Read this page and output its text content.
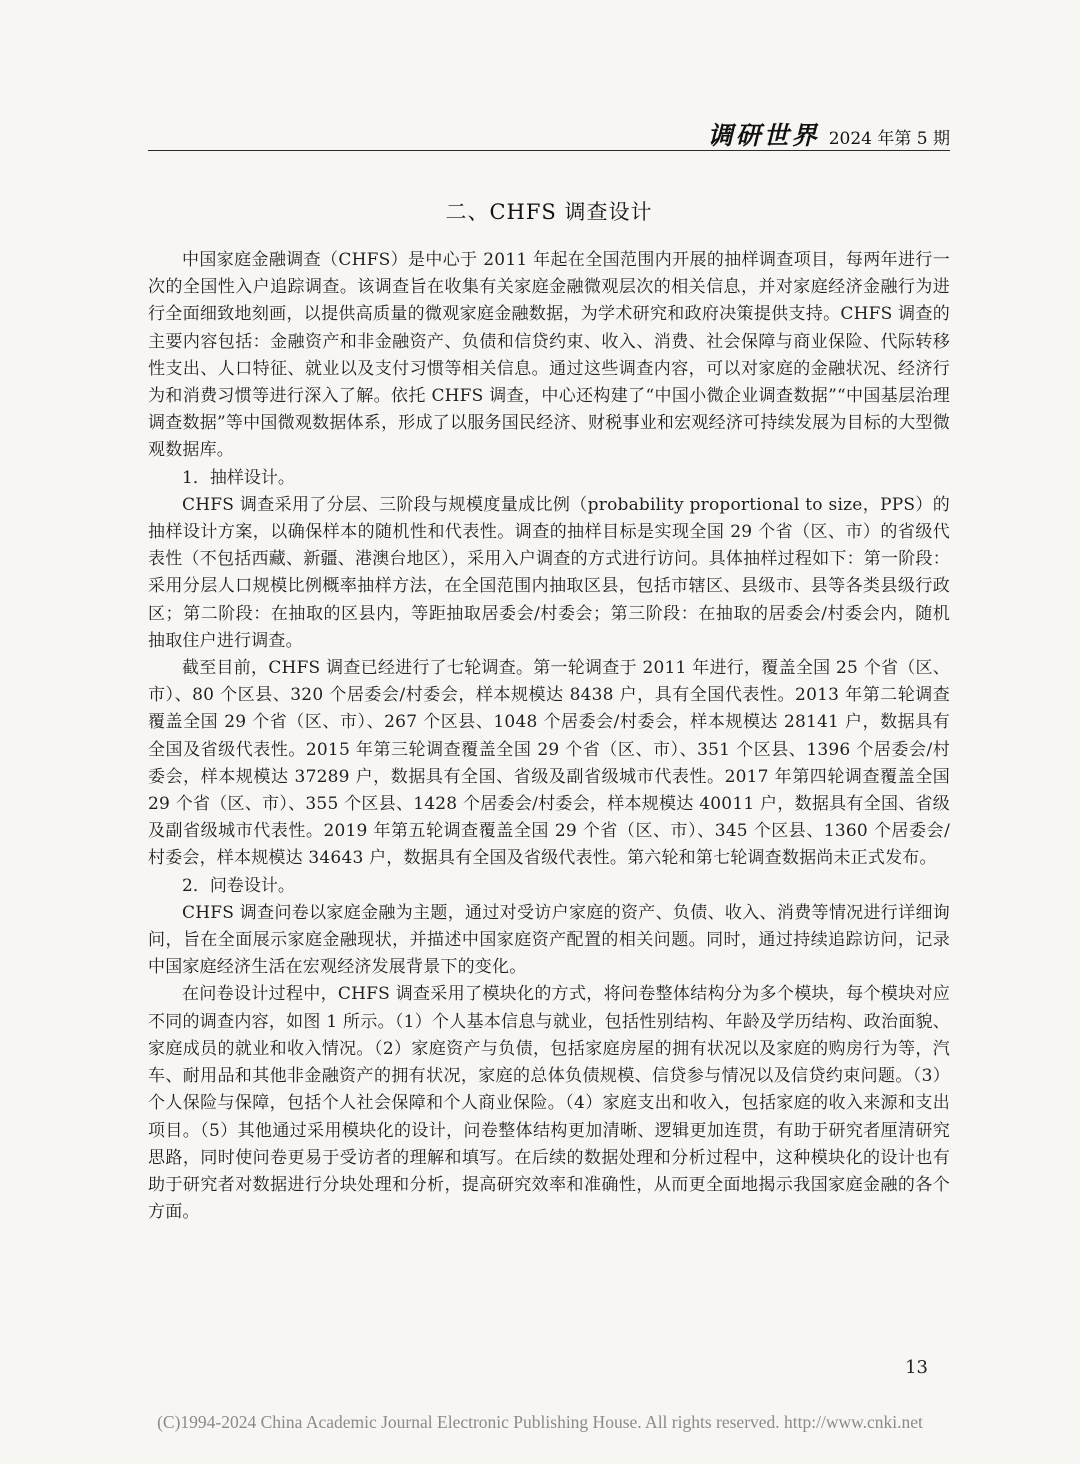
调研世界 2024 年第 5 期
二、CHFS 调查设计

中国家庭金融调查（CHFS）是中心于 2011 年起在全国范围内开展的抽样调查项目，每两年进行一次的全国性入户追踪调查。该调查旨在收集有关家庭金融微观层次的相关信息，并对家庭经济金融行为进行全面细致地刻画，以提供高质量的微观家庭金融数据，为学术研究和政府决策提供支持。CHFS 调查的主要内容包括：金融资产和非金融资产、负债和信贷约束、收入、消费、社会保障与商业保险、代际转移性支出、人口特征、就业以及支付习惯等相关信息。通过这些调查内容，可以对家庭的金融状况、经济行为和消费习惯等进行深入了解。依托 CHFS 调查，中心还构建了“中国小微企业调查数据”“中国基层治理调查数据”等中国微观数据体系，形成了以服务国民经济、财税事业和宏观经济可持续发展为目标的大型微观数据库。

1．抽样设计。

CHFS 调查采用了分层、三阶段与规模度量成比例（probability proportional to size，PPS）的抽样设计方案，以确保样本的随机性和代表性。调查的抽样目标是实现全国 29 个省（区、市）的省级代表性（不包括西藏、新疆、港澳台地区），采用入户调查的方式进行访问。具体抽样过程如下：第一阶段：采用分层人口规模比例概率抽样方法，在全国范围内抽取区县，包括市辖区、县级市、县等各类县级行政区；第二阶段：在抽取的区县内，等距抽取居委会/村委会；第三阶段：在抽取的居委会/村委会内，随机抽取住户进行调查。

截至目前，CHFS 调查已经进行了七轮调查。第一轮调查于 2011 年进行，覆盖全国 25 个省（区、市）、80 个区县、320 个居委会/村委会，样本规模达 8438 户，具有全国代表性。2013 年第二轮调查覆盖全国 29 个省（区、市）、267 个区县、1048 个居委会/村委会，样本规模达 28141 户，数据具有全国及省级代表性。2015 年第三轮调查覆盖全国 29 个省（区、市）、351 个区县、1396 个居委会/村委会，样本规模达 37289 户，数据具有全国、省级及副省级城市代表性。2017 年第四轮调查覆盖全国 29 个省（区、市）、355 个区县、1428 个居委会/村委会，样本规模达 40011 户，数据具有全国、省级及副省级城市代表性。2019 年第五轮调查覆盖全国 29 个省（区、市）、345 个区县、1360 个居委会/村委会，样本规模达 34643 户，数据具有全国及省级代表性。第六轮和第七轮调查数据尚未正式发布。

2．问卷设计。

CHFS 调查问卷以家庭金融为主题，通过对受访户家庭的资产、负债、收入、消费等情况进行详细询问，旨在全面展示家庭金融现状，并描述中国家庭资产配置的相关问题。同时，通过持续追踪访问，记录中国家庭经济生活在宏观经济发展背景下的变化。

在问卷设计过程中，CHFS 调查采用了模块化的方式，将问卷整体结构分为多个模块，每个模块对应不同的调查内容，如图 1 所示。（1）个人基本信息与就业，包括性别结构、年龄及学历结构、政治面貌、家庭成员的就业和收入情况。（2）家庭资产与负债，包括家庭房屋的拥有状况以及家庭的购房行为等，汽车、耐用品和其他非金融资产的拥有状况，家庭的总体负债规模、信贷参与情况以及信贷约束问题。（3）个人保险与保障，包括个人社会保障和个人商业保险。（4）家庭支出和收入，包括家庭的收入来源和支出项目。（5）其他通过采用模块化的设计，问卷整体结构更加清晰、逻辑更加连贯，有助于研究者厘清研究思路，同时使问卷更易于受访者的理解和填写。在后续的数据处理和分析过程中，这种模块化的设计也有助于研究者对数据进行分块处理和分析，提高研究效率和准确性，从而更全面地揭示我国家庭金融的各个方面。

13
(C)1994-2024 China Academic Journal Electronic Publishing House. All rights reserved. http://www.cnki.net
